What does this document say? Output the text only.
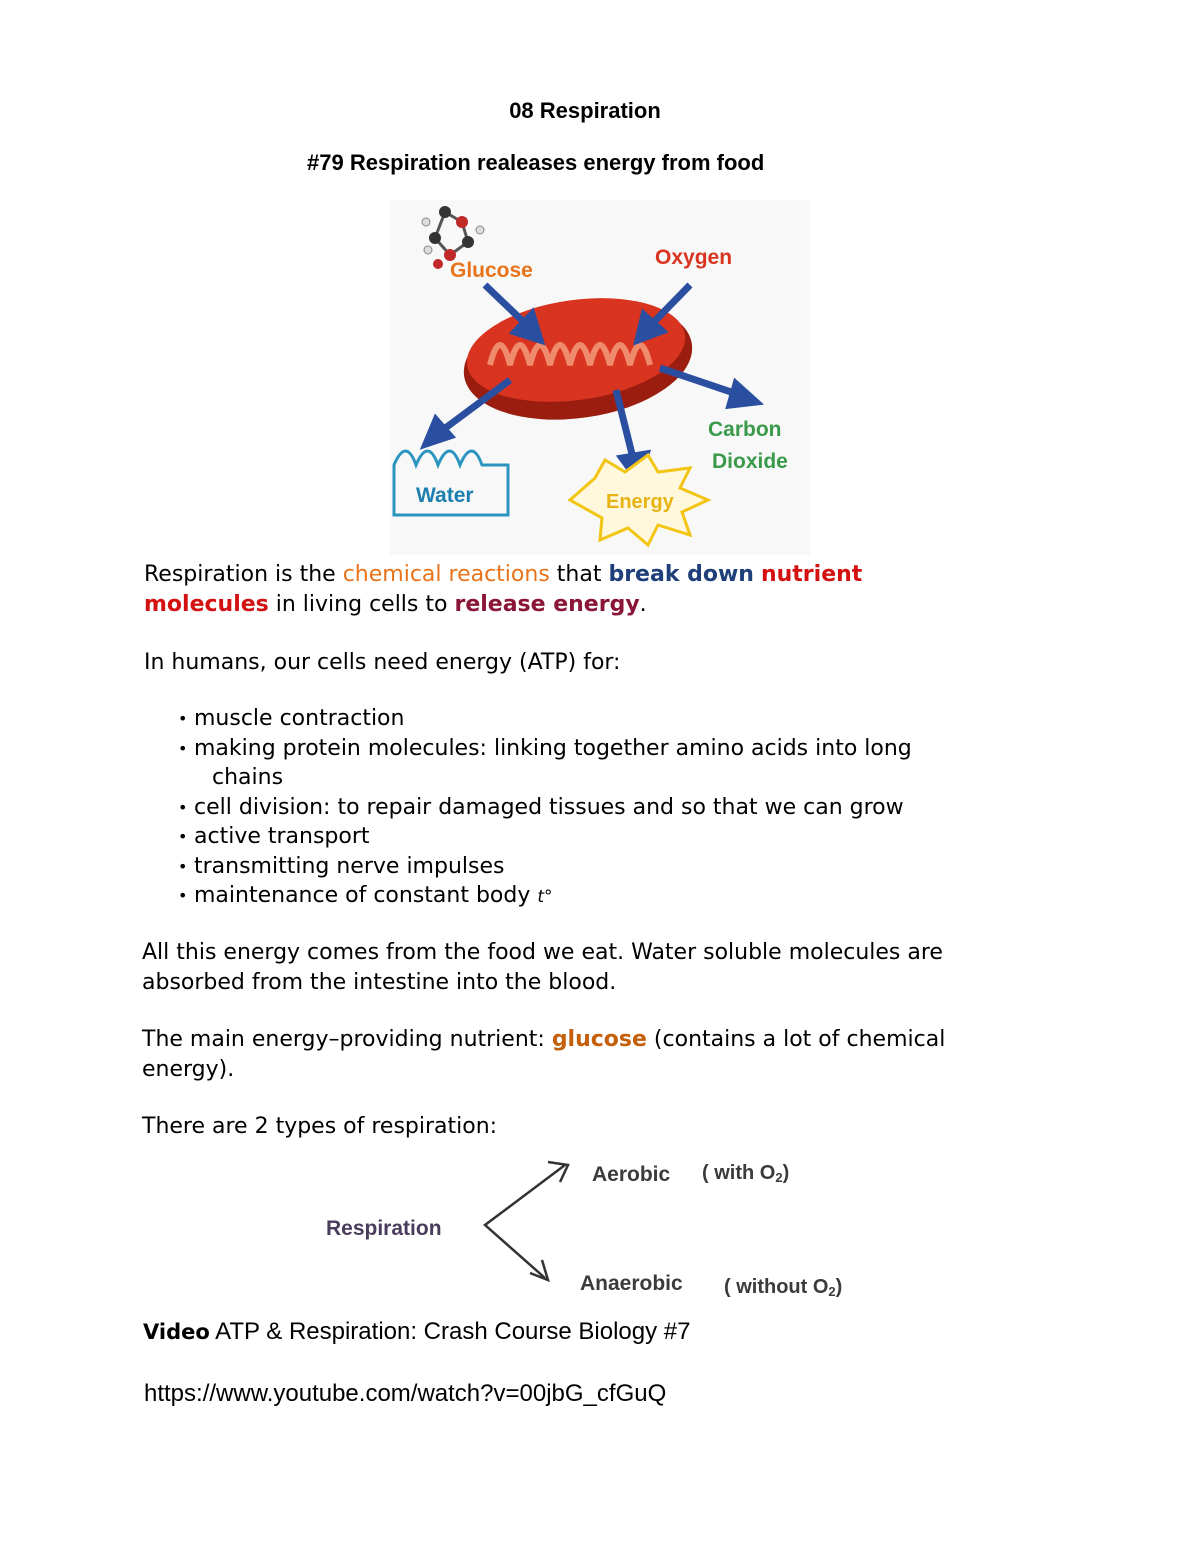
08 Respiration
#79 Respiration realeases energy from food
Glucose
Oxygen
Carbon
Dioxide
Water	Energy
Respiration is the chemical reactions that break down nutrient
molecules in living cells to release energy.
In humans, our cells need energy (ATP) for:
• muscle contraction
• making protein molecules: linking together amino acids into long
chains
• cell division: to repair damaged tissues and so that we can grow
• active transport
• transmitting nerve impulses
• maintenance of constant body t°
All this energy comes from the food we eat. Water soluble molecules are
absorbed from the intestine into the blood.
The main energy–providing nutrient: glucose (contains a lot of chemical
energy).
There are 2 types of respiration:
Respiration
Aerobic ( with O2)
Anaerobic ( without O2)
Video ATP & Respiration: Crash Course Biology #7
https://www.youtube.com/watch?v=00jbG_cfGuQ
